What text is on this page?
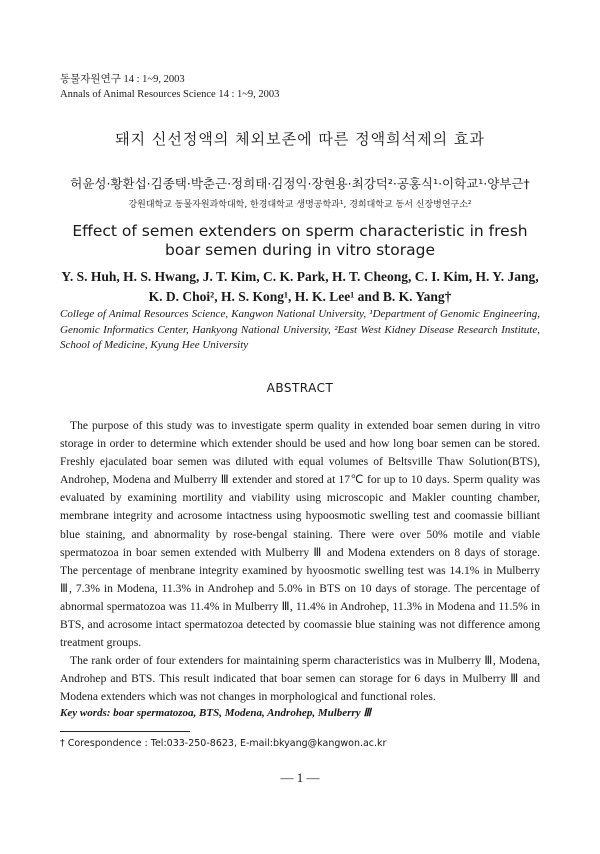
동물자원연구 14 : 1~9, 2003
Annals of Animal Resources Science 14 : 1~9, 2003
돼지 신선정액의 체외보존에 따른 정액희석제의 효과
허윤성·황환섭·김종택·박춘근·정희태·김정익·장현용·최강덕²·공홍식¹·이학교¹·양부근†
강원대학교 동물자원과학대학, 한경대학교 생명공학과¹, 경희대학교 동서 신장병연구소²
Effect of semen extenders on sperm characteristic in fresh boar semen during in vitro storage
Y. S. Huh, H. S. Hwang, J. T. Kim, C. K. Park, H. T. Cheong, C. I. Kim, H. Y. Jang,
K. D. Choi², H. S. Kong¹, H. K. Lee¹ and B. K. Yang†
College of Animal Resources Science, Kangwon National University, ¹Department of Genomic Engineering, Genomic Informatics Center, Hankyong National University, ²East West Kidney Disease Research Institute, School of Medicine, Kyung Hee University
ABSTRACT

The purpose of this study was to investigate sperm quality in extended boar semen during in vitro storage in order to determine which extender should be used and how long boar semen can be stored. Freshly ejaculated boar semen was diluted with equal volumes of Beltsville Thaw Solution(BTS), Androhep, Modena and Mulberry Ⅲ extender and stored at 17℃ for up to 10 days. Sperm quality was evaluated by examining mortility and viability using microscopic and Makler counting chamber, membrane integrity and acrosome intactness using hypoosmotic swelling test and coomassie billiant blue staining, and abnormality by rose-bengal staining. There were over 50% motile and viable spermatozoa in boar semen extended with Mulberry Ⅲ and Modena extenders on 8 days of storage. The percentage of menbrane integrity examined by hyoosmotic swelling test was 14.1% in Mulberry Ⅲ, 7.3% in Modena, 11.3% in Androhep and 5.0% in BTS on 10 days of storage. The percentage of abnormal spermatozoa was 11.4% in Mulberry Ⅲ, 11.4% in Androhep, 11.3% in Modena and 11.5% in BTS, and acrosome intact spermatozoa detected by coomassie blue staining was not difference among treatment groups.

The rank order of four extenders for maintaining sperm characteristics was in Mulberry Ⅲ, Modena, Androhep and BTS. This result indicated that boar semen can storage for 6 days in Mulberry Ⅲ and Modena extenders which was not changes in morphological and functional roles.

Key words: boar spermatozoa, BTS, Modena, Androhep, Mulberry Ⅲ
† Corespondence : Tel:033-250-8623, E-mail:bkyang@kangwon.ac.kr
— 1 —
